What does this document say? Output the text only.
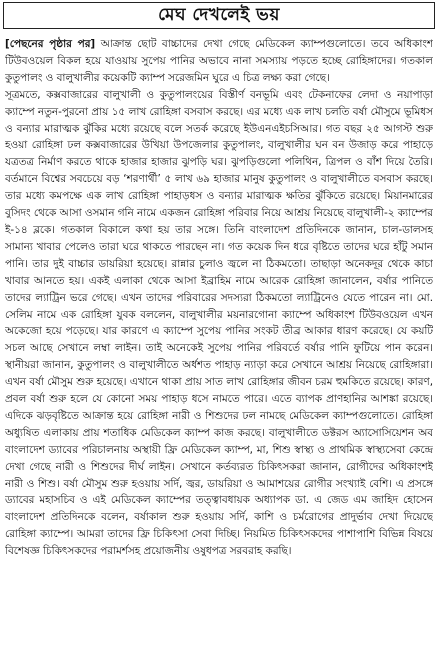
মেঘ দেখলেই ভয়

[পেছনের পৃষ্ঠার পর] আক্রান্ত ছোট বাচ্চাদের দেখা গেছে মেডিকেল ক্যাম্পগুলোতে। তবে অধিকাংশ টিউবওয়েল বিকল হয়ে যাওয়ায় সুপেয় পানির অভাবে নানা সমস্যায় পড়তে হচ্ছে রোহিঙ্গাদের। গতকাল কুতুপালং ও বালুখালীর কয়েকটি ক্যাম্প সরেজমিন ঘুরে এ চিত্র লক্ষ্য করা গেছে।

সূত্রমতে, কক্সবাজারের বালুখালী ও কুতুপালংয়ের বিস্তীর্ণ বনভূমি এবং টেকনাফের লেদা ও নয়াপাড়া ক্যাম্পে নতুন-পুরনো প্রায় ১৫ লাখ রোহিঙ্গা বসবাস করছে। এর মধ্যে এক লাখ চলতি বর্ষা মৌসুমে ভূমিধস ও বন্যার মারাত্মক ঝুঁকির মধ্যে রয়েছে বলে সতর্ক করেছে ইউএনএইচসিআর। গত বছর ২৫ আগস্ট শুরু হওয়া রোহিঙ্গা ঢল কক্সবাজারের উখিয়া উপজেলার কুতুপালং, বালুখালীর ঘন বন উজাড় করে পাহাড়ে যত্রতত্র নির্মাণ করতে থাকে হাজার হাজার ঝুপড়ি ঘর। ঝুপড়িগুলো পলিথিন, ত্রিপল ও বাঁশ দিয়ে তৈরি। বর্তমানে বিশ্বের সবচেয়ে বড় ‘শরণার্থী’ ৫ লাখ ৬৯ হাজার মানুষ কুতুপালং ও বালুখালীতে বসবাস করছে। তার মধ্যে কমপক্ষে এক লাখ রোহিঙ্গা পাহাড়ধস ও বন্যার মারাত্মক ক্ষতির ঝুঁকিতে রয়েছে। মিয়ানমারের বুসিদং থেকে আসা ওসমান গনি নামে একজন রোহিঙ্গা পরিবার নিয়ে আশ্রয় নিয়েছে বালুখালী-২ ক্যাম্পের ই-১৪ ব্লকে। গতকাল বিকালে কথা হয় তার সঙ্গে। তিনি বাংলাদেশ প্রতিদিনকে জানান, চাল-ডালসহ সামান্য খাবার পেলেও তারা ঘরে থাকতে পারছেন না। গত কয়েক দিন ধরে বৃষ্টিতে তাদের ঘরে হাঁটু সমান পানি। তার দুই বাচ্চার ডায়রিয়া হয়েছে। রান্নার চুলাও জ্বলে না ঠিকমতো। তাছাড়া অনেকদূর থেকে কাচা খাবার আনতে হয়। একই এলাকা থেকে আসা ইব্রাহিম নামে আরেক রোহিঙ্গা জানালেন, বর্ষার পানিতে তাদের ল্যাট্রিন ভরে গেছে। এখন তাদের পরিবারের সদস্যরা ঠিকমতো ল্যাট্রিনেও যেতে পারেন না। মো. সেলিম নামে এক রোহিঙ্গা যুবক বললেন, বালুখালীর ময়নারগোনা ক্যাম্পে অধিকাংশ টিউবওয়েল এখন অকেজো হয়ে পড়েছে। যার কারণে এ ক্যাম্পে সুপেয় পানির সংকট তীব্র আকার ধারণ করেছে। যে কয়টি সচল আছে সেখানে লম্বা লাইন। তাই অনেকেই সুপেয় পানির পরিবর্তে বর্ষার পানি ফুটিয়ে পান করেন। স্থানীয়রা জানান, কুতুপালং ও বালুখালীতে অর্ধশত পাহাড় ন্যাড়া করে সেখানে আশ্রয় নিয়েছে রোহিঙ্গারা। এখন বর্ষা মৌসুম শুরু হয়েছে। এখানে থাকা প্রায় সাত লাখ রোহিঙ্গার জীবন চরম হুমকিতে রয়েছে। কারণ, প্রবল বর্ষা শুরু হলে যে কোনো সময় পাহাড় ধসে নামতে পারে। এতে ব্যাপক প্রাণহানির আশঙ্কা রয়েছে। এদিকে ঝড়বৃষ্টিতে আক্রান্ত হয়ে রোহিঙ্গা নারী ও শিশুদের ঢল নামছে মেডিকেল ক্যাম্পগুলোতে। রোহিঙ্গা অধ্যুষিত এলাকায় প্রায় শতাধিক মেডিকেল ক্যাম্প কাজ করছে। বালুখালীতে ডক্টরস অ্যাসোসিয়েশন অব বাংলাদেশ ড্যাবের পরিচালনায় অস্থায়ী ফ্রি মেডিকেল ক্যাম্প, মা, শিশু স্বাস্থ্য ও প্রাথমিক স্বাস্থ্যসেবা কেন্দ্রে দেখা গেছে নারী ও শিশুদের দীর্ঘ লাইন। সেখানে কর্তব্যরত চিকিৎসকরা জানান, রোগীদের অধিকাংশই নারী ও শিশু। বর্ষা মৌসুম শুরু হওয়ায় সর্দি, জ্বর, ডায়রিয়া ও আমাশয়ের রোগীর সংখ্যাই বেশি। এ প্রসঙ্গে ড্যাবের মহাসচিব ও এই মেডিকেল ক্যাম্পের তত্ত্বাবধায়ক অধ্যাপক ডা. এ জেড এম জাহিদ হোসেন বাংলাদেশ প্রতিদিনকে বলেন, বর্ষাকাল শুরু হওয়ায় সর্দি, কাশি ও চর্মরোগের প্রাদুর্ভাব দেখা দিয়েছে রোহিঙ্গা ক্যাম্পে। আমরা তাদের ফ্রি চিকিৎসা সেবা দিচ্ছি। নিয়মিত চিকিৎসকদের পাশাপাশি বিভিন্ন বিষয়ে বিশেষজ্ঞ চিকিৎসকদের পরামর্শসহ প্রয়োজনীয় ওষুধপত্র সরবরাহ করছি।
